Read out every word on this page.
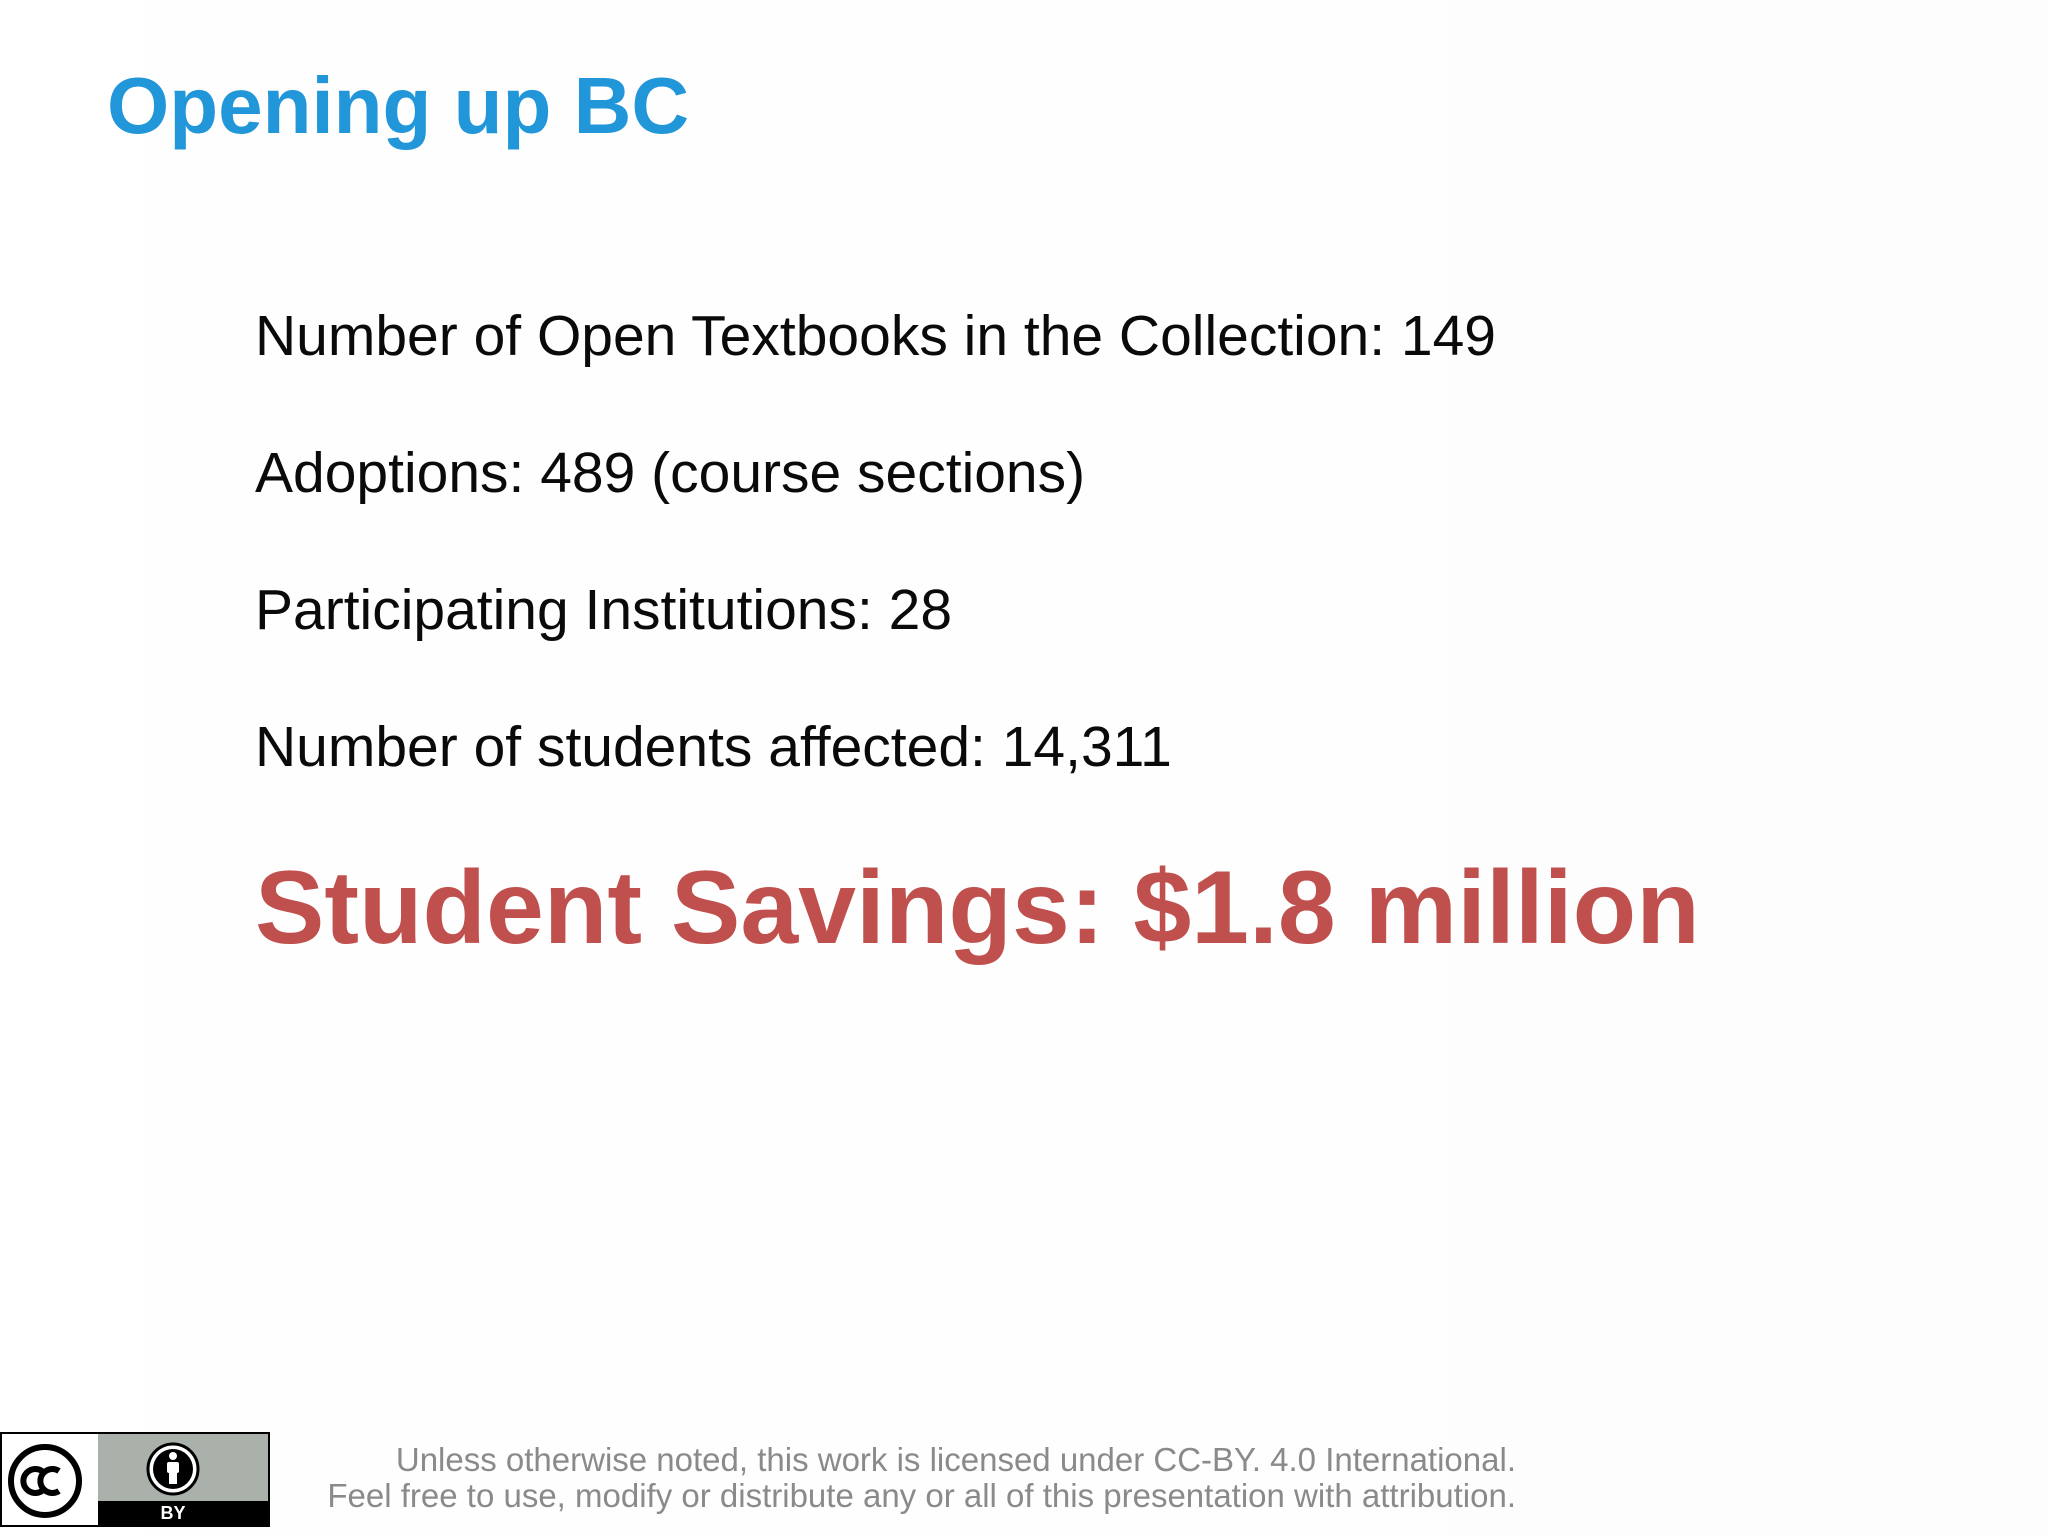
Opening up BC

Number of Open Textbooks in the Collection: 149

Adoptions: 489 (course sections)

Participating Institutions: 28

Number of students affected: 14,311

Student Savings: $1.8 million

BY
Unless otherwise noted, this work is licensed under CC-BY. 4.0 International.
Feel free to use, modify or distribute any or all of this presentation with attribution.
